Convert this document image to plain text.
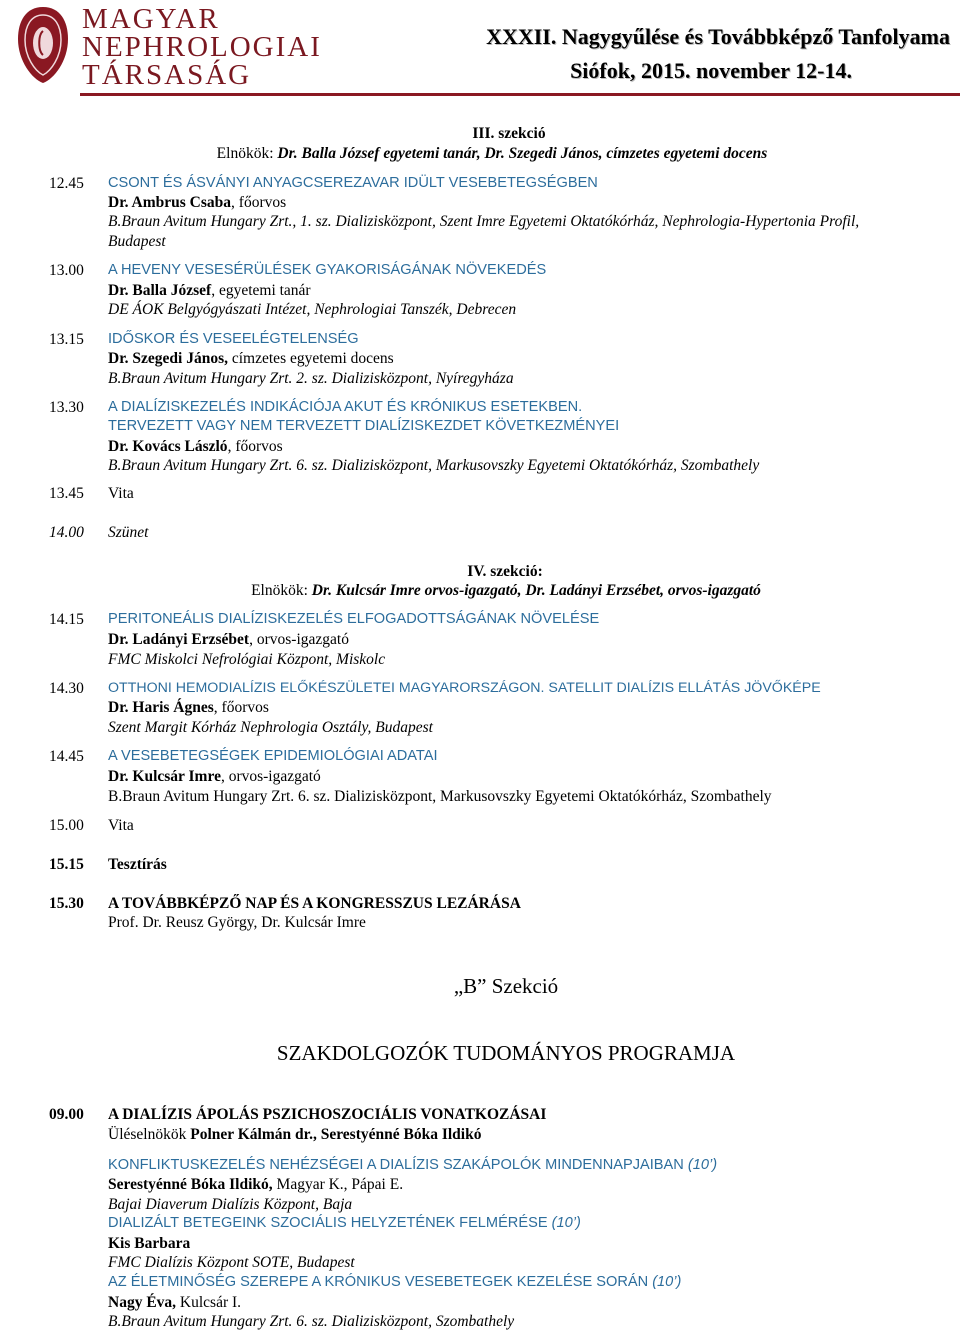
MAGYAR
NEPHROLOGIAI
TÁRSASÁG
XXXII. Nagygyűlése és Továbbképző Tanfolyama
Siófok, 2015. november 12-14.
III. szekció
Elnökök: Dr. Balla József egyetemi tanár, Dr. Szegedi János, címzetes egyetemi docens
12.45 CSONT ÉS ÁSVÁNYI ANYAGCSEREZAVAR IDÜLT VESEBETEGSÉGBEN
Dr. Ambrus Csaba, főorvos
B.Braun Avitum Hungary Zrt., 1. sz. Dializisközpont, Szent Imre Egyetemi Oktatókórház, Nephrologia-Hypertonia Profil,
Budapest
13.00 A HEVENY VESESÉRÜLÉSEK GYAKORISÁGÁNAK NÖVEKEDÉS
Dr. Balla József, egyetemi tanár
DE ÁOK Belgyógyászati Intézet, Nephrologiai Tanszék, Debrecen
13.15 IDŐSKOR ÉS VESEELÉGTELENSÉG
Dr. Szegedi János, címzetes egyetemi docens
B.Braun Avitum Hungary Zrt. 2. sz. Dializisközpont, Nyíregyháza
13.30 A DIALÍZISKEZELÉS INDIKÁCIÓJA AKUT ÉS KRÓNIKUS ESETEKBEN.
TERVEZETT VAGY NEM TERVEZETT DIALÍZISKEZDET KÖVETKEZMÉNYEI
Dr. Kovács László, főorvos
B.Braun Avitum Hungary Zrt. 6. sz. Dializisközpont, Markusovszky Egyetemi Oktatókórház, Szombathely
13.45 Vita
14.00 Szünet
IV. szekció:
Elnökök: Dr. Kulcsár Imre orvos-igazgató, Dr. Ladányi Erzsébet, orvos-igazgató
14.15 PERITONEÁLIS DIALÍZISKEZELÉS ELFOGADOTTSÁGÁNAK NÖVELÉSE
Dr. Ladányi Erzsébet, orvos-igazgató
FMC Miskolci Nefrológiai Központ, Miskolc
14.30 OTTHONI HEMODIALÍZIS ELŐKÉSZÜLETEI MAGYARORSZÁGON. SATELLIT DIALÍZIS ELLÁTÁS JÖVŐKÉPE
Dr. Haris Ágnes, főorvos
Szent Margit Kórház Nephrologia Osztály, Budapest
14.45 A VESEBETEGSÉGEK EPIDEMIOLÓGIAI ADATAI
Dr. Kulcsár Imre, orvos-igazgató
B.Braun Avitum Hungary Zrt. 6. sz. Dializisközpont, Markusovszky Egyetemi Oktatókórház, Szombathely
15.00 Vita
15.15 Tesztírás
15.30 A TOVÁBBKÉPZŐ NAP ÉS A KONGRESSZUS LEZÁRÁSA
Prof. Dr. Reusz György, Dr. Kulcsár Imre
„B” Szekció
SZAKDOLGOZÓK TUDOMÁNYOS PROGRAMJA
09.00 A DIALÍZIS ÁPOLÁS PSZICHOSZOCIÁLIS VONATKOZÁSAI
Üléselnökök Polner Kálmán dr., Serestyénné Bóka Ildikó
KONFLIKTUSKEZELÉS NEHÉZSÉGEI A DIALÍZIS SZAKÁPOLÓK MINDENNAPJAIBAN (10’)
Serestyénné Bóka Ildikó, Magyar K., Pápai E.
Bajai Diaverum Dialízis Központ, Baja
DIALIZÁLT BETEGEINK SZOCIÁLIS HELYZETÉNEK FELMÉRÉSE (10’)
Kis Barbara
FMC Dialízis Központ SOTE, Budapest
AZ ÉLETMINŐSÉG SZEREPE A KRÓNIKUS VESEBETEGEK KEZELÉSE SORÁN (10’)
Nagy Éva, Kulcsár I.
B.Braun Avitum Hungary Zrt. 6. sz. Dializisközpont, Szombathely
